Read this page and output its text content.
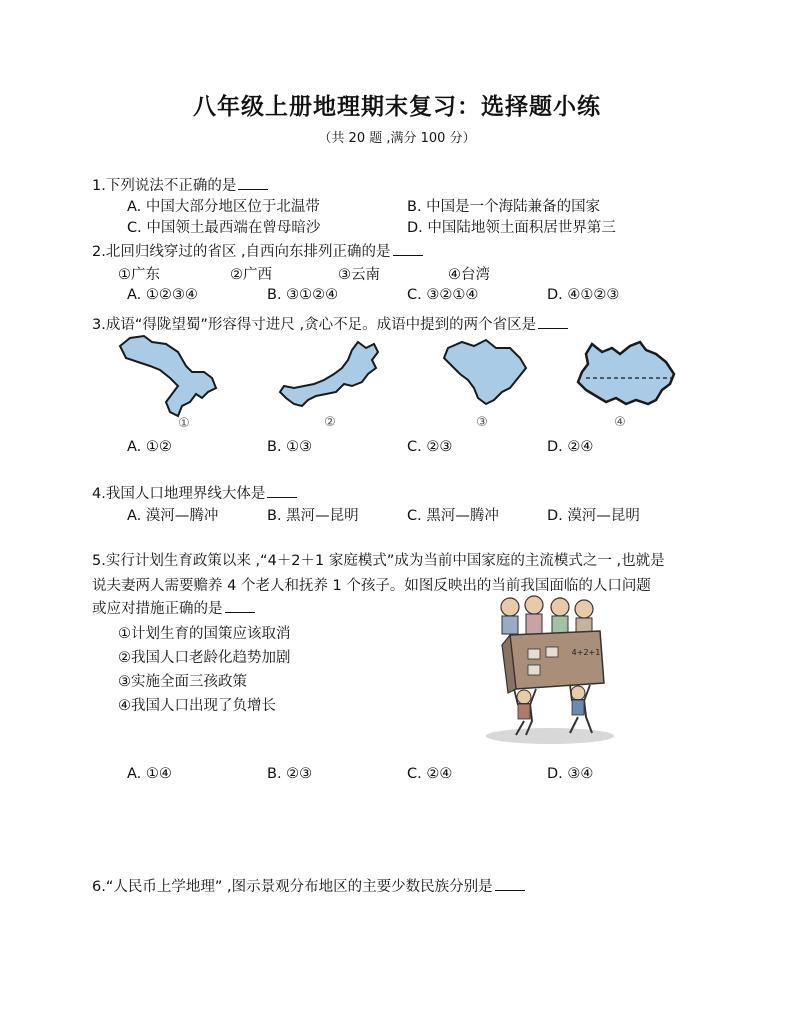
八年级上册地理期末复习：选择题小练
（共 20 题 ,满分 100 分）
1.下列说法不正确的是
A. 中国大部分地区位于北温带	B. 中国是一个海陆兼备的国家
C. 中国领土最西端在曾母暗沙	D. 中国陆地领土面积居世界第三
2.北回归线穿过的省区 ,自西向东排列正确的是
①广东	②广西	③云南	④台湾
A. ①②③④	B. ③①②④	C. ③②①④	D. ④①②③
3.成语“得陇望蜀”形容得寸进尺 ,贪心不足。成语中提到的两个省区是
①	②	③	④
A. ①②	B. ①③	C. ②③	D. ②④
4.我国人口地理界线大体是
A. 漠河—腾冲	B. 黑河—昆明	C. 黑河—腾冲	D. 漠河—昆明
5.实行计划生育政策以来 ,“4＋2＋1 家庭模式”成为当前中国家庭的主流模式之一 ,也就是
说夫妻两人需要赡养 4 个老人和抚养 1 个孩子。如图反映出的当前我国面临的人口问题
或应对措施正确的是
①计划生育的国策应该取消
②我国人口老龄化趋势加剧
③实施全面三孩政策
④我国人口出现了负增长
4+2+1
A. ①④	B. ②③	C. ②④	D. ③④
6.“人民币上学地理” ,图示景观分布地区的主要少数民族分别是
